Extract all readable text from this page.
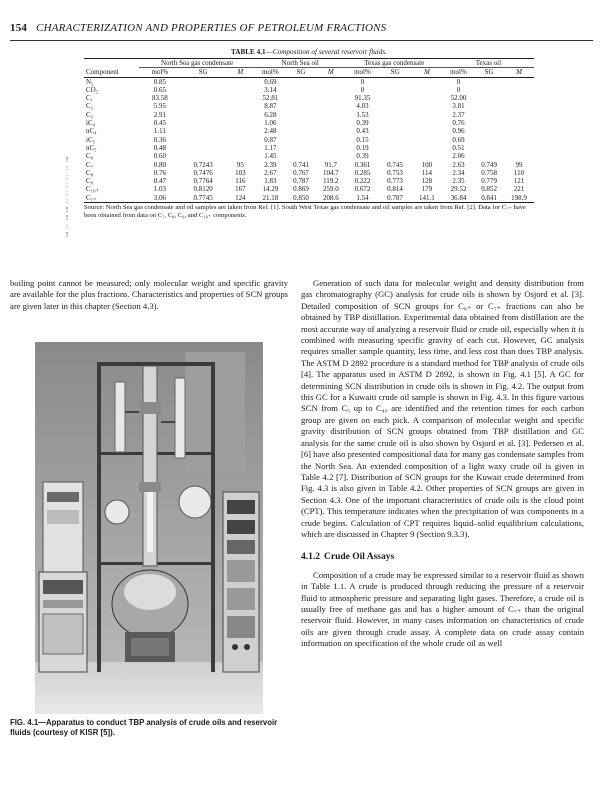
154 CHARACTERIZATION AND PROPERTIES OF PETROLEUM FRACTIONS
!
:
:
:
:
:
!
!
:
!
TABLE 4.1—Composition of several reservoir fluids.
	North Sea gas condensate			North Sea oil			Texas gas condensate			Texas oil		
Component	mol%	SG	M	mol%	SG	M	mol%	SG	M	mol%	SG	M
N₂	0.85			0.69			0			0		
CO₂	0.65			3.14			0			0		
C₁	83.58			52.81			91.35			52.00		
C₂	5.95			8.87			4.03			3.81		
C₃	2.91			6.28			1.53			2.37		
iC₄	0.45			1.06			0.39			0.76		
nC₄	1.11			2.48			0.43			0.96		
iC₅	0.36			0.87			0.15			0.69		
nC₅	0.48			1.17			0.19			0.51		
C₆	0.60			1.45			0.39			2.06		
C₇	0.80	0.7243	95	2.39	0.741	91.7	0.361	0.745	100	2.63	0.749	99
C₈	0.76	0.7476	103	2.67	0.767	104.7	0.285	0.753	114	2.34	0.758	110
C₉	0.47	0.7764	116	1.83	0.787	119.2	0.222	0.773	128	2.35	0.779	121
C₁₀₊	1.03	0.8120	167	14.29	0.869	259.0	0.672	0.814	179	29.52	0.852	221
C₇₊	3.06	0.7745	124	21.18	0.850	208.6	1.54	0.787	141.1	36.84	0.841	198.9
Source: North Sea gas condensate and oil samples are taken from Ref. [1]. South West Texas gas condensate and oil samples are taken from Ref. [2]. Data for C₇₊ have been obtained from data on C₇, C₈, C₉, and C₁₀₊ components.

boiling point cannot be measured; only molecular weight and specific gravity are available for the plus fractions. Characteristics and properties of SCN groups are given later in this chapter (Section 4.3).

FIG. 4.1—Apparatus to conduct TBP analysis of crude oils and reservoir fluids (courtesy of KISR [5]).

Generation of such data for molecular weight and density distribution from gas chromatography (GC) analysis for crude oils is shown by Osjord et al. [3]. Detailed composition of SCN groups for C₆₊ or C₇₊ fractions can also be obtained by TBP distillation. Experimental data obtained from distillation are the most accurate way of analyzing a reservoir fluid or crude oil, especially when it is combined with measuring specific gravity of each cut. However, GC analysis requires smaller sample quantity, less time, and less cost than does TBP analysis. The ASTM D 2892 procedure is a standard method for TBP analysis of crude oils [4]. The apparatus used in ASTM D 2892, is shown in Fig. 4.1 [5]. A GC for determining SCN distribution in crude oils is shown in Fig. 4.2. The output from this GC for a Kuwaiti crude oil sample is shown in Fig. 4.3. In this figure various SCN from C₅ up to C₄₀ are identified and the retention times for each carbon group are given on each pick. A comparison of molecular weight and specific gravity distribution of SCN groups obtained from TBP distillation and GC analysis for the same crude oil is also shown by Osjord et al. [3]. Pedersen et al. [6] have also presented compositional data for many gas condensate samples from the North Sea. An extended composition of a light waxy crude oil is given in Table 4.2 [7]. Distribution of SCN groups for the Kuwait crude determined from Fig. 4.3 is also given in Table 4.2. Other properties of SCN groups are given in Section 4.3. One of the important characteristics of crude oils is the cloud point (CPT). This temperature indicates when the precipitation of wax components in a crude begins. Calculation of CPT requires liquid–solid equilibrium calculations, which are discussed in Chapter 9 (Section 9.3.3).

4.1.2 Crude Oil Assays

Composition of a crude may be expressed similar to a reservoir fluid as shown in Table 1.1. A crude is produced through reducing the pressure of a reservoir fluid to atmospheric pressure and separating light gases. Therefore, a crude oil is usually free of methane gas and has a higher amount of C₇₊ than the original reservoir fluid. However, in many cases information on characteristics of crude oils are given through crude assay. A complete data on crude assay contain information on specification of the whole crude oil as well
